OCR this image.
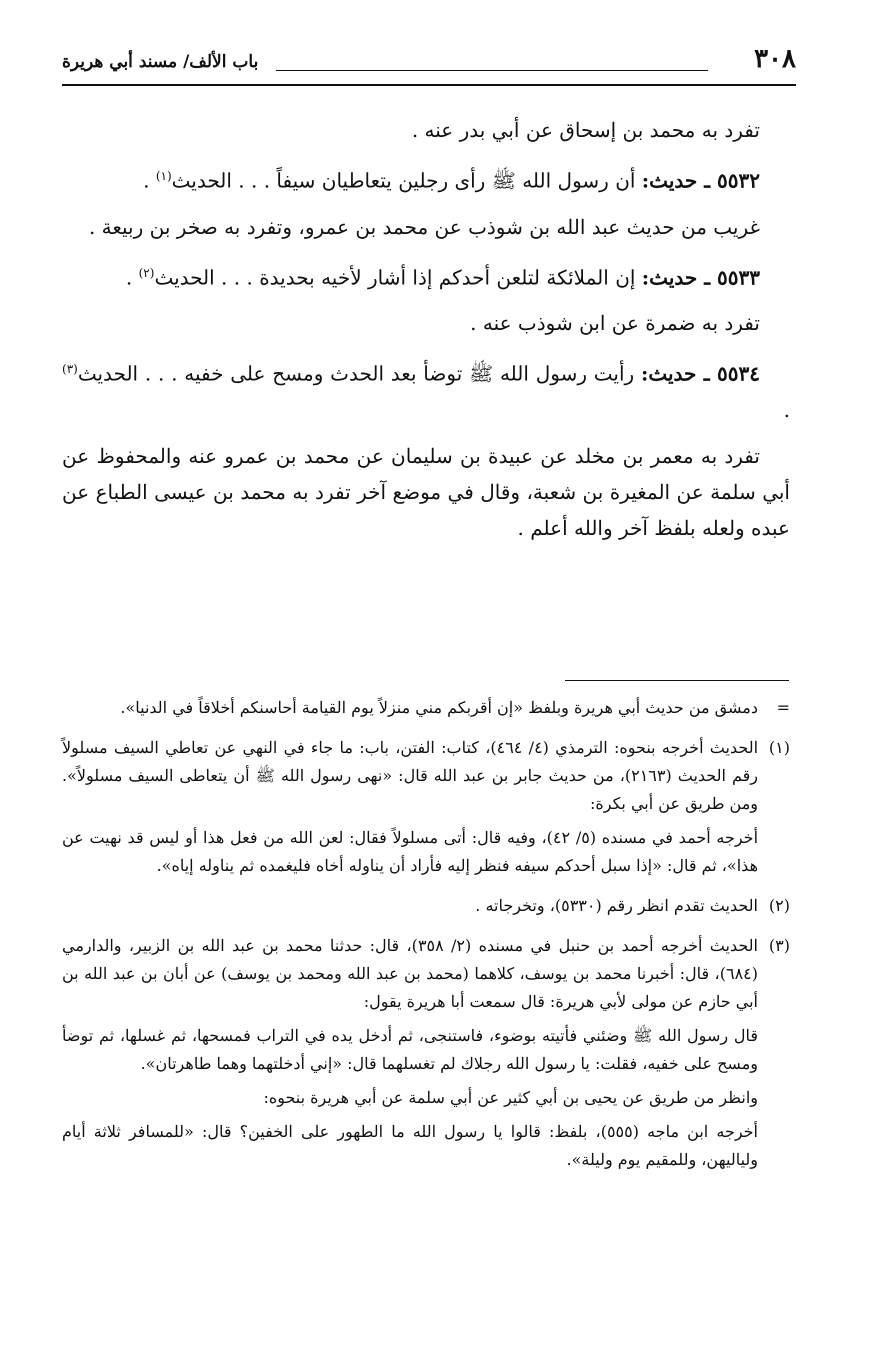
٣٠٨
باب الألف/ مسند أبي هريرة

تفرد به محمد بن إسحاق عن أبي بدر عنه .

٥٥٣٢ ـ حديث: أن رسول الله ﷺ رأى رجلين يتعاطيان سيفاً . . . الحديث$^{(١)}$ .

غريب من حديث عبد الله بن شوذب عن محمد بن عمرو، وتفرد به صخر بن ربيعة .

٥٥٣٣ ـ حديث: إن الملائكة لتلعن أحدكم إذا أشار لأخيه بحديدة . . . الحديث$^{(٢)}$ .

تفرد به ضمرة عن ابن شوذب عنه .

٥٥٣٤ ـ حديث: رأيت رسول الله ﷺ توضأ بعد الحدث ومسح على خفيه . . . الحديث$^{(٣)}$ .

تفرد به معمر بن مخلد عن عبيدة بن سليمان عن محمد بن عمرو عنه والمحفوظ عن أبي سلمة عن المغيرة بن شعبة، وقال في موضع آخر تفرد به محمد بن عيسى الطباع عن عبده ولعله بلفظ آخر والله أعلم .

=

دمشق من حديث أبي هريرة وبلفظ «إن أقربكم مني منزلاً يوم القيامة أحاسنكم أخلاقاً في الدنيا».

(١)

الحديث أخرجه بنحوه: الترمذي (٤/ ٤٦٤)، كتاب: الفتن، باب: ما جاء في النهي عن تعاطي السيف مسلولاً رقم الحديث (٢١٦٣)، من حديث جابر بن عبد الله قال: «نهى رسول الله ﷺ أن يتعاطى السيف مسلولاً». ومن طريق عن أبي بكرة:

أخرجه أحمد في مسنده (٥/ ٤٢)، وفيه قال: أتى مسلولاً فقال: لعن الله من فعل هذا أو ليس قد نهيت عن هذا»، ثم قال: «إذا سبل أحدكم سيفه فنظر إليه فأراد أن يناوله أخاه فليغمده ثم يناوله إياه».

(٢)

الحديث تقدم انظر رقم (٥٣٣٠)، وتخرجاته .

(٣)

الحديث أخرجه أحمد بن حنبل في مسنده (٢/ ٣٥٨)، قال: حدثنا محمد بن عبد الله بن الزبير، والدارمي (٦٨٤)، قال: أخبرنا محمد بن يوسف، كلاهما (محمد بن عبد الله ومحمد بن يوسف) عن أبان بن عبد الله بن أبي حازم عن مولى لأبي هريرة: قال سمعت أبا هريرة يقول:

قال رسول الله ﷺ وضئني فأتيته بوضوء، فاستنجى، ثم أدخل يده في التراب فمسحها، ثم غسلها، ثم توضأ ومسح على خفيه، فقلت: يا رسول الله رجلاك لم تغسلهما قال: «إني أدخلتهما وهما طاهرتان».

وانظر من طريق عن يحيى بن أبي كثير عن أبي سلمة عن أبي هريرة بنحوه:

أخرجه ابن ماجه (٥٥٥)، بلفظ: قالوا يا رسول الله ما الطهور على الخفين؟ قال: «للمسافر ثلاثة أيام ولياليهن، وللمقيم يوم وليلة».
